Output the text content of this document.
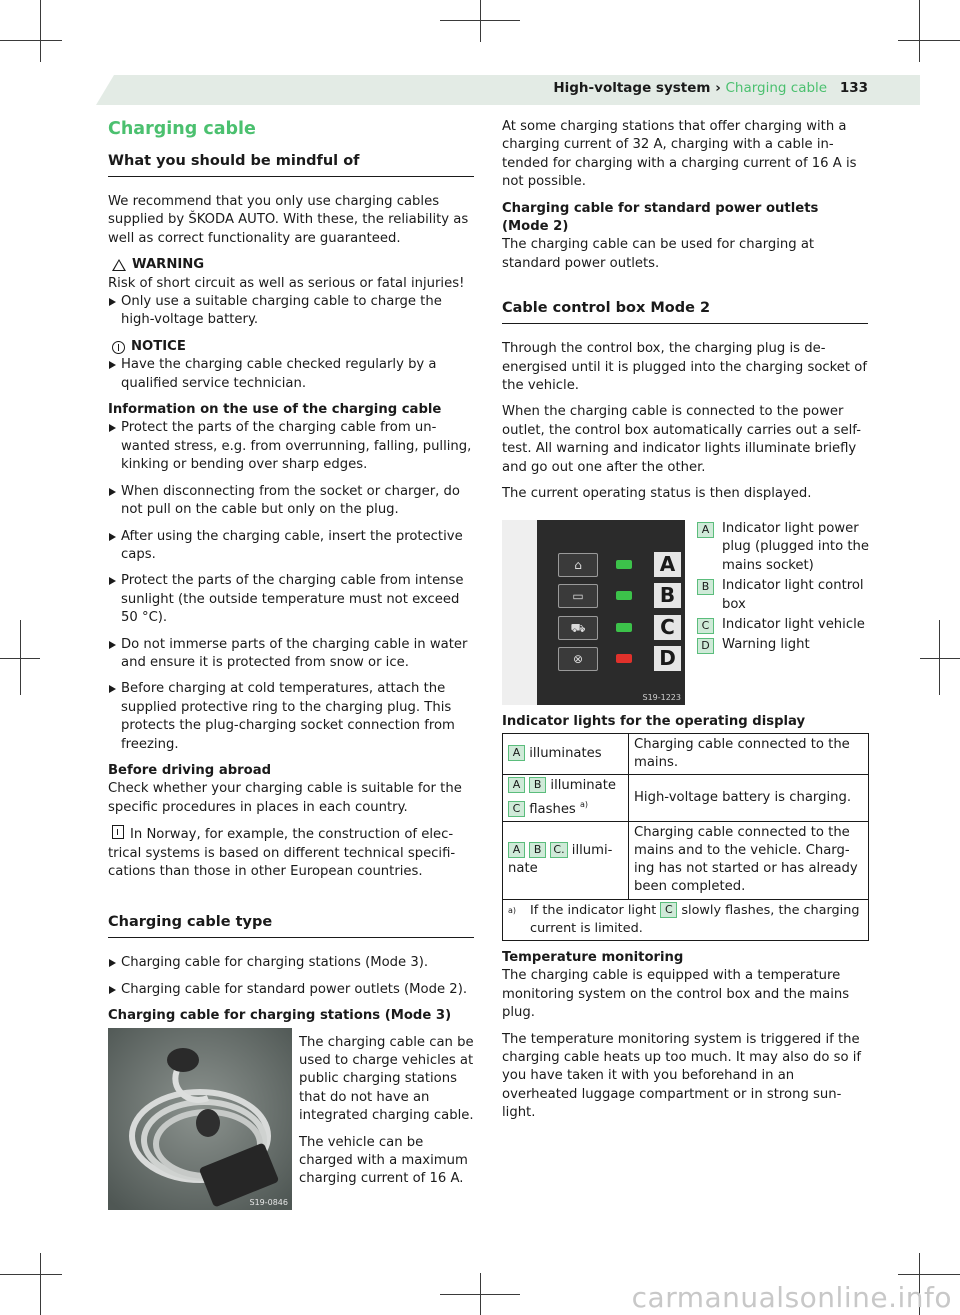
High-voltage system › Charging cable 133
Charging cable
What you should be mindful of

We recommend that you only use charging cables supplied by ŠKODA AUTO. With these, the reliability as well as correct functionality are guaranteed.

WARNING

Risk of short circuit as well as serious or fatal injuries!

Only use a suitable charging cable to charge the high-voltage battery.
NOTICE
Have the charging cable checked regularly by a qualified service technician.
Information on the use of the charging cable
Protect the parts of the charging cable from unwanted stress, e.g. from overrunning, falling, pulling, kinking or bending over sharp edges.
When disconnecting from the socket or charger, do not pull on the cable but only on the plug.
After using the charging cable, insert the protective caps.
Protect the parts of the charging cable from intense sunlight (the outside temperature must not exceed 50 °C).
Do not immerse parts of the charging cable in water and ensure it is protected from snow or ice.
Before charging at cold temperatures, attach the supplied protective ring to the charging plug. This protects the plug-charging socket connection from freezing.
Before driving abroad

Check whether your charging cable is suitable for the specific procedures in places in each country.

In Norway, for example, the construction of electrical systems is based on different technical specifications than those in other European countries.

Charging cable type
Charging cable for charging stations (Mode 3).
Charging cable for standard power outlets (Mode 2).
Charging cable for charging stations (Mode 3)

The charging cable can be used to charge vehicles at public charging stations that do not have an integrated charging cable.

The vehicle can be charged with a maximum charging current of 16 A.

S19-0846

At some charging stations that offer charging with a charging current of 32 A, charging with a cable intended for charging with a charging current of 16 A is not possible.

Charging cable for standard power outlets (Mode 2)

The charging cable can be used for charging at standard power outlets.

Cable control box Mode 2

Through the control box, the charging plug is deenergised until it is plugged into the charging socket of the vehicle.

When the charging cable is connected to the power outlet, the control box automatically carries out a self-test. All warning and indicator lights illuminate briefly and go out one after the other.

The current operating status is then displayed.

⌂
▭
⛟
⊗
A
B
C
D
S19-1223
A Indicator light power plug (plugged into the mains socket)
B Indicator light control box
C Indicator light vehicle
D Warning light
Indicator lights for the operating display
A illuminates	Charging cable connected to the mains.
A B illuminate
C flashes $^{a)}$	High-voltage battery is charging.
A B C. illuminate	Charging cable connected to the mains and to the vehicle. Charging has not started or has already been completed.

a) If the indicator light C slowly flashes, the charging current is limited.	
Temperature monitoring

The charging cable is equipped with a temperature monitoring system on the control box and the mains plug.

The temperature monitoring system is triggered if the charging cable heats up too much. It may also do so if you have taken it with you beforehand in an overheated luggage compartment or in strong sunlight.

carmanualsonline.info
